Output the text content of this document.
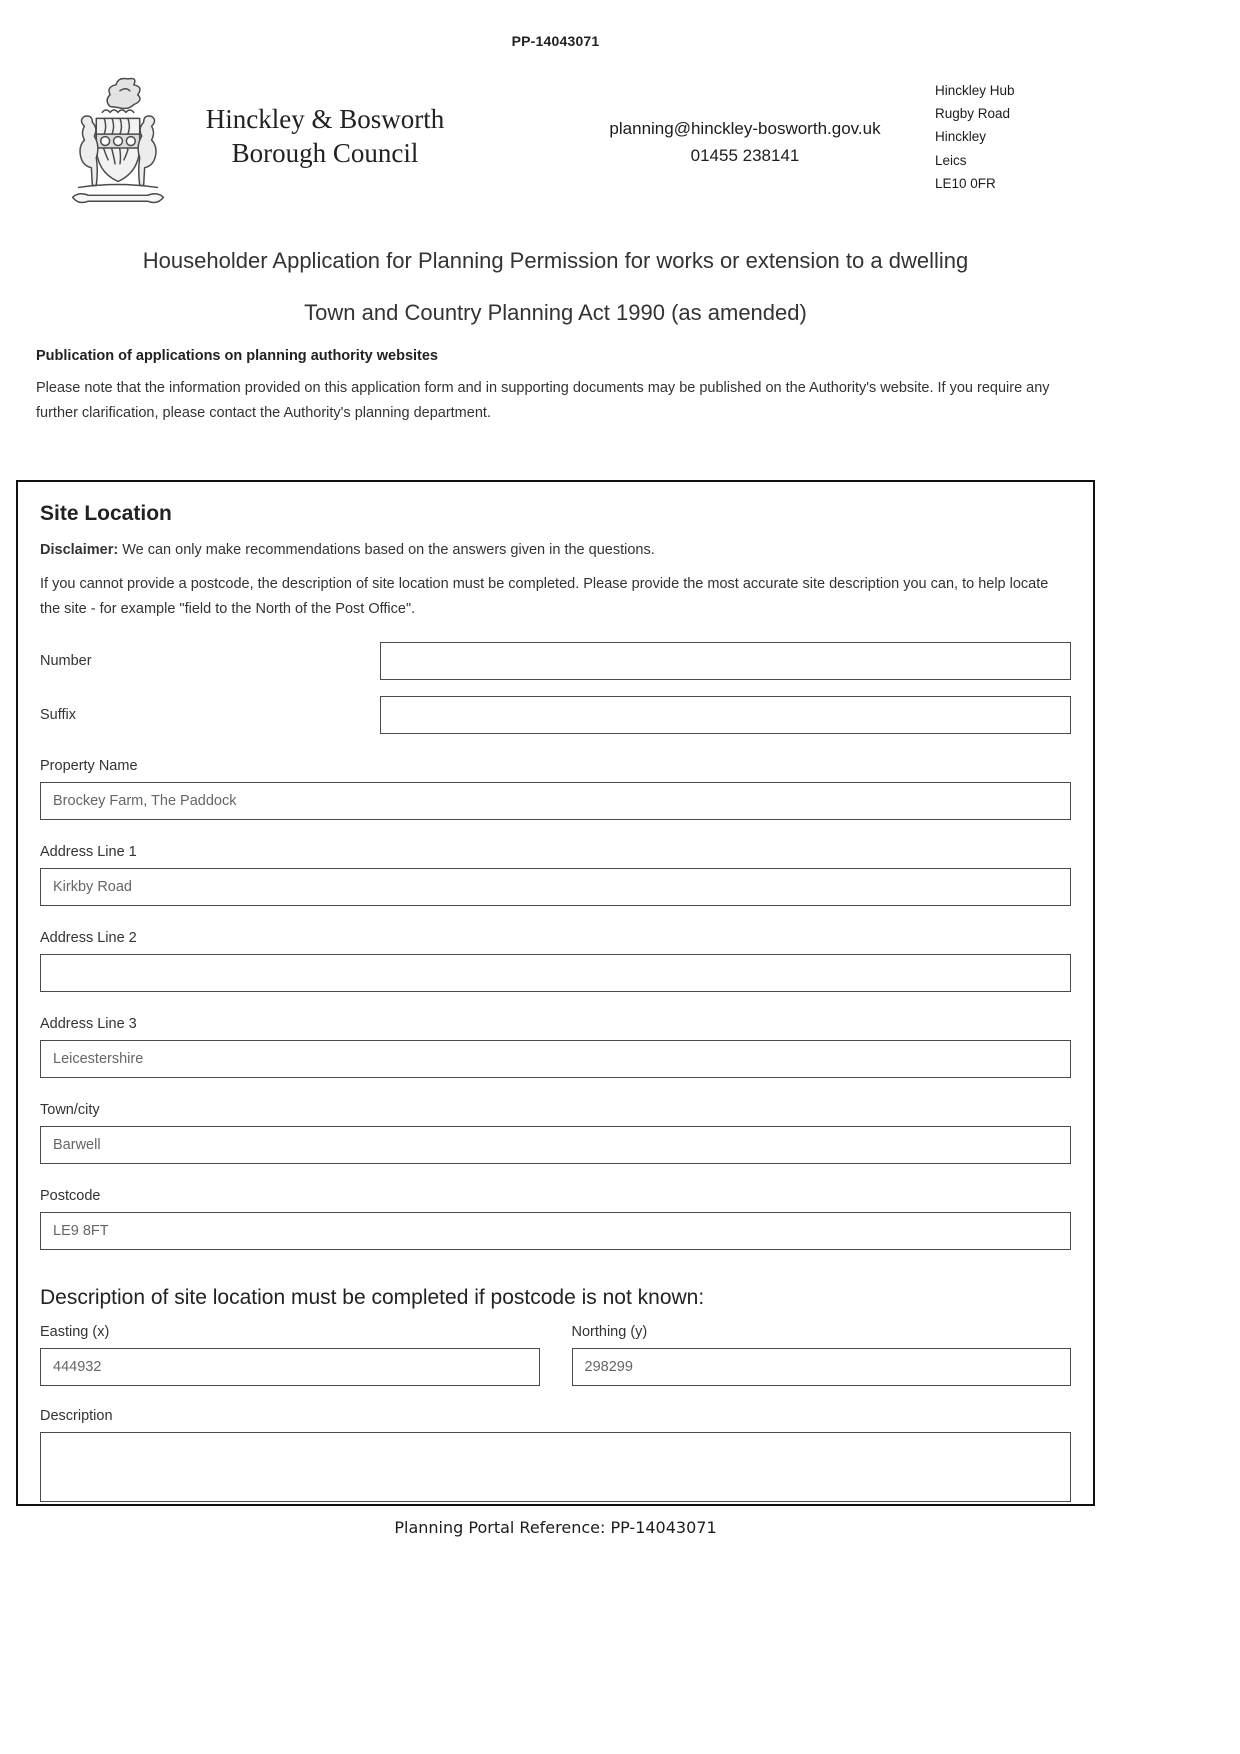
PP-14043071
Hinckley & Bosworth
Borough Council
planning@hinckley-bosworth.gov.uk
01455 238141
Hinckley Hub
Rugby Road
Hinckley
Leics
LE10 0FR
Householder Application for Planning Permission for works or extension to a dwelling
Town and Country Planning Act 1990 (as amended)
Publication of applications on planning authority websites
Please note that the information provided on this application form and in supporting documents may be published on the Authority's website. If you require any further clarification, please contact the Authority's planning department.
Site Location

Disclaimer: We can only make recommendations based on the answers given in the questions.

If you cannot provide a postcode, the description of site location must be completed. Please provide the most accurate site description you can, to help locate the site - for example "field to the North of the Post Office".

Number
Suffix
Property Name
Brockey Farm, The Paddock
Address Line 1
Kirkby Road
Address Line 2
Address Line 3
Leicestershire
Town/city
Barwell
Postcode
LE9 8FT
Description of site location must be completed if postcode is not known:
Easting (x)
444932	Northing (y)
298299
Description
Planning Portal Reference: PP-14043071
